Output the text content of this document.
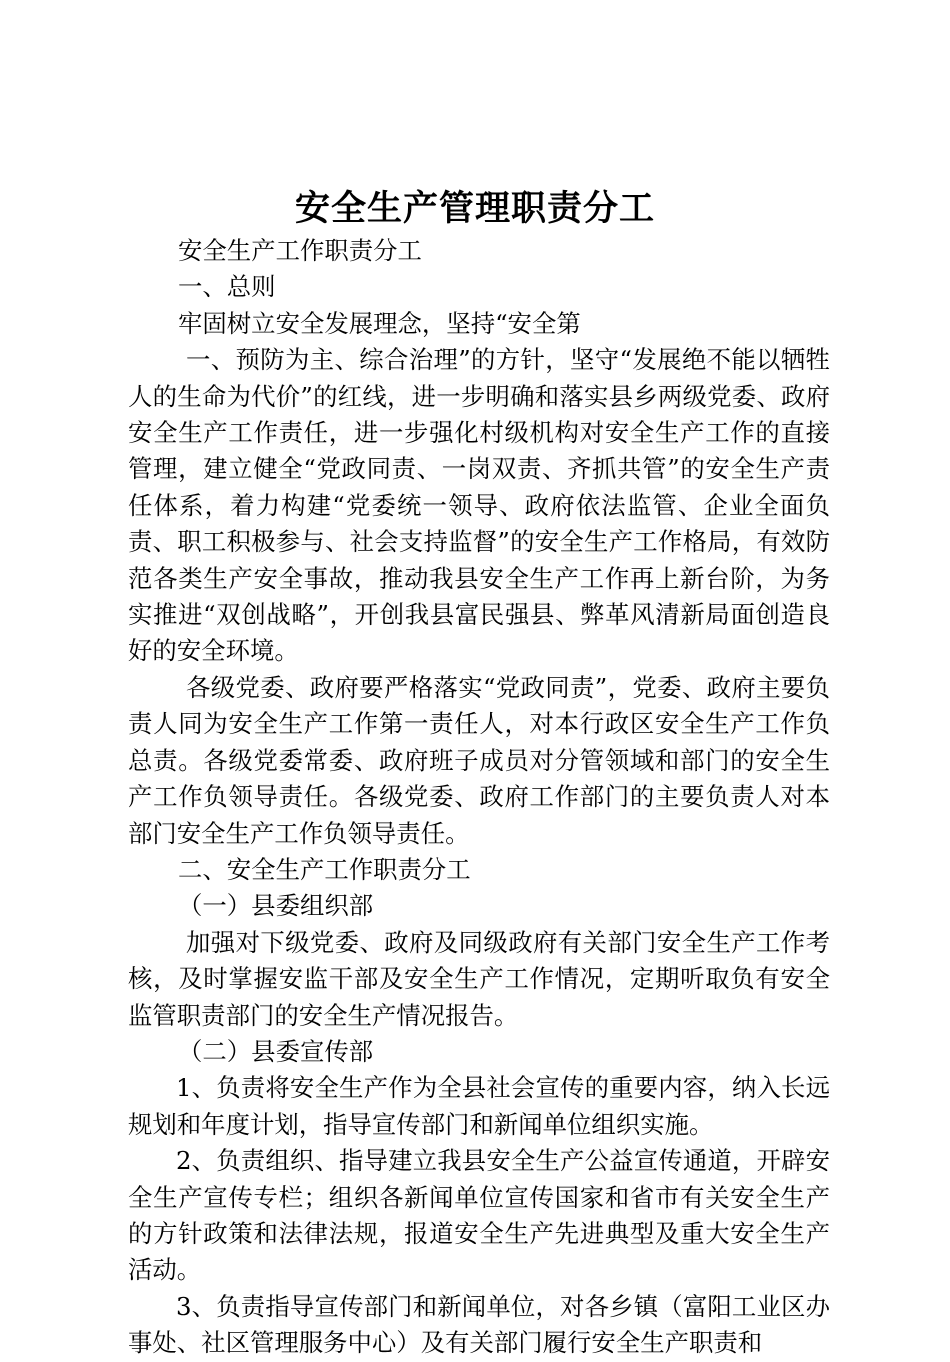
安全生产管理职责分工

安全生产工作职责分工

一、总则

牢固树立安全发展理念，坚持“安全第

一、预防为主、综合治理”的方针，坚守“发展绝不能以牺牲人的生命为代价”的红线，进一步明确和落实县乡两级党委、政府安全生产工作责任，进一步强化村级机构对安全生产工作的直接管理，建立健全“党政同责、一岗双责、齐抓共管”的安全生产责任体系，着力构建“党委统一领导、政府依法监管、企业全面负责、职工积极参与、社会支持监督”的安全生产工作格局，有效防范各类生产安全事故，推动我县安全生产工作再上新台阶，为务实推进“双创战略”，开创我县富民强县、弊革风清新局面创造良好的安全环境。

各级党委、政府要严格落实“党政同责”，党委、政府主要负责人同为安全生产工作第一责任人，对本行政区安全生产工作负总责。各级党委常委、政府班子成员对分管领域和部门的安全生产工作负领导责任。各级党委、政府工作部门的主要负责人对本部门安全生产工作负领导责任。

二、安全生产工作职责分工

（一）县委组织部

加强对下级党委、政府及同级政府有关部门安全生产工作考核，及时掌握安监干部及安全生产工作情况，定期听取负有安全监管职责部门的安全生产情况报告。

（二）县委宣传部

1、负责将安全生产作为全县社会宣传的重要内容，纳入长远规划和年度计划，指导宣传部门和新闻单位组织实施。

2、负责组织、指导建立我县安全生产公益宣传通道，开辟安全生产宣传专栏；组织各新闻单位宣传国家和省市有关安全生产的方针政策和法律法规，报道安全生产先进典型及重大安全生产活动。

3、负责指导宣传部门和新闻单位，对各乡镇（富阳工业区办事处、社区管理服务中心）及有关部门履行安全生产职责和
